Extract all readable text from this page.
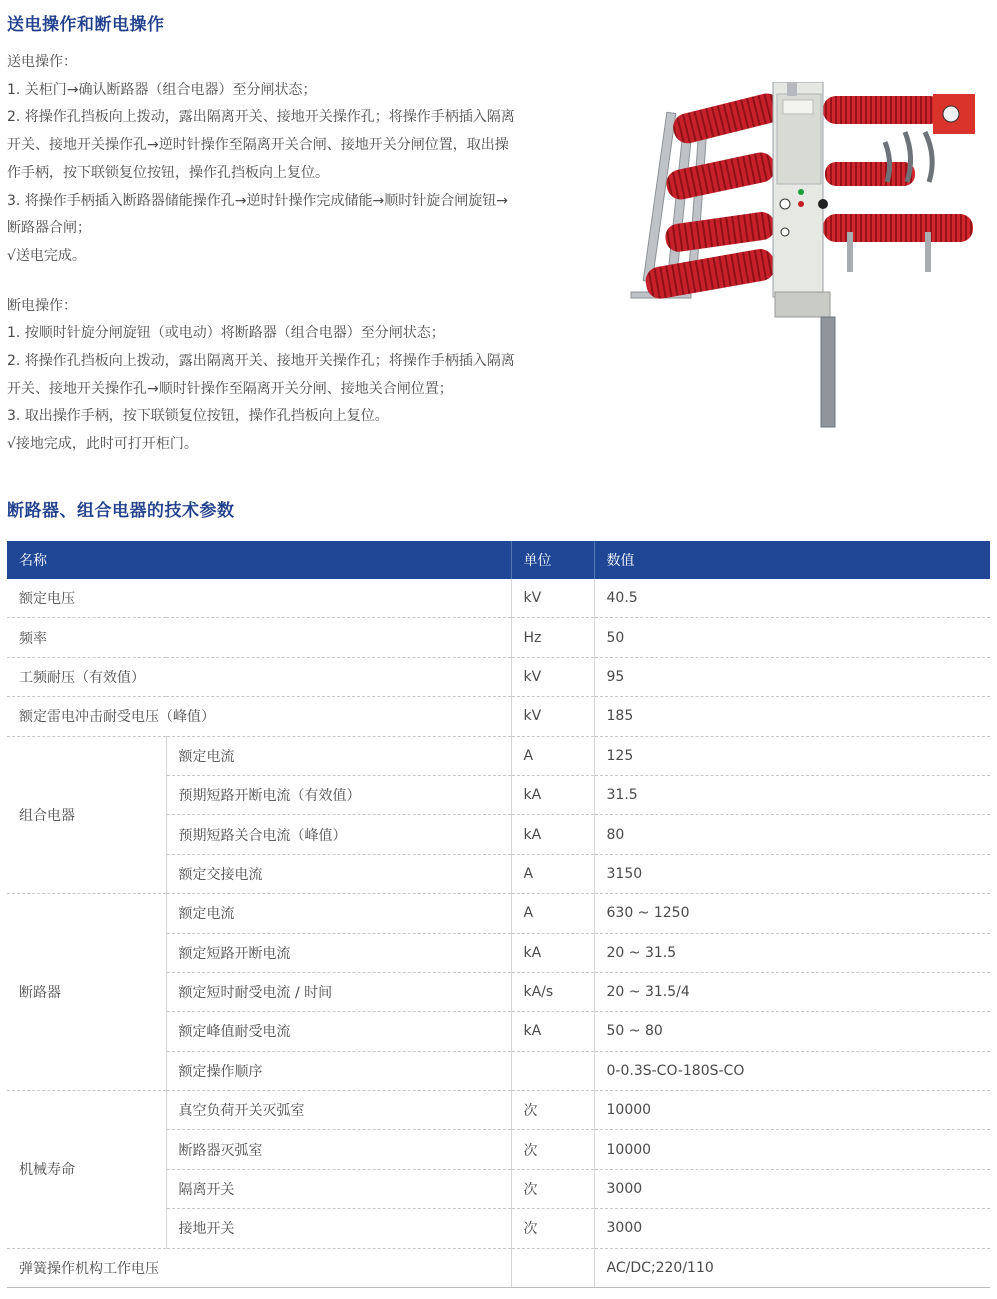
送电操作和断电操作

送电操作：

1. 关柜门→确认断路器（组合电器）至分闸状态；

2. 将操作孔挡板向上拨动，露出隔离开关、接地开关操作孔；将操作手柄插入隔离

开关、接地开关操作孔→逆时针操作至隔离开关合闸、接地开关分闸位置，取出操

作手柄，按下联锁复位按钮，操作孔挡板向上复位。

3. 将操作手柄插入断路器储能操作孔→逆时针操作完成储能→顺时针旋合闸旋钮→

断路器合闸；

√送电完成。

断电操作：

1. 按顺时针旋分闸旋钮（或电动）将断路器（组合电器）至分闸状态；

2. 将操作孔挡板向上拨动，露出隔离开关、接地开关操作孔；将操作手柄插入隔离

开关、接地开关操作孔→顺时针操作至隔离开关分闸、接地关合闸位置；

3. 取出操作手柄，按下联锁复位按钮，操作孔挡板向上复位。

√接地完成，此时可打开柜门。

断路器、组合电器的技术参数
名称		单位	数值
额定电压		kV	40.5
频率		Hz	50
工频耐压（有效值）		kV	95
额定雷电冲击耐受电压（峰值）		kV	185
组合电器	额定电流	A	125
	预期短路开断电流（有效值）	kA	31.5
	预期短路关合电流（峰值）	kA	80
	额定交接电流	A	3150
断路器	额定电流	A	630 ~ 1250
	额定短路开断电流	kA	20 ~ 31.5
	额定短时耐受电流 / 时间	kA/s	20 ~ 31.5/4
	额定峰值耐受电流	kA	50 ~ 80
	额定操作顺序		0-0.3S-CO-180S-CO
机械寿命	真空负荷开关灭弧室	次	10000
	断路器灭弧室	次	10000
	隔离开关	次	3000
	接地开关	次	3000
弹簧操作机构工作电压			AC/DC;220/110
